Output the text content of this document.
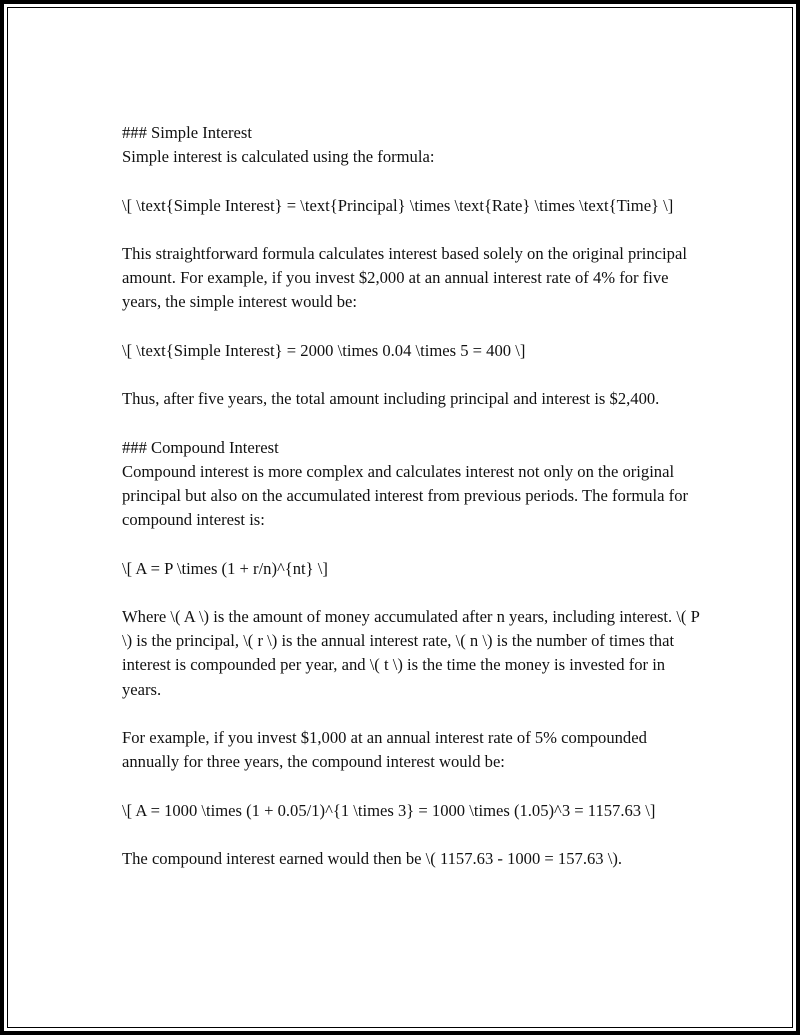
### Simple Interest

Simple interest is calculated using the formula:

\[ \text{Simple Interest} = \text{Principal} \times \text{Rate} \times \text{Time} \]

This straightforward formula calculates interest based solely on the original principal amount. For example, if you invest $2,000 at an annual interest rate of 4% for five years, the simple interest would be:

\[ \text{Simple Interest} = 2000 \times 0.04 \times 5 = 400 \]

Thus, after five years, the total amount including principal and interest is $2,400.

### Compound Interest

Compound interest is more complex and calculates interest not only on the original principal but also on the accumulated interest from previous periods. The formula for compound interest is:

\[ A = P \times (1 + r/n)^{nt} \]

Where \( A \) is the amount of money accumulated after n years, including interest. \( P \) is the principal, \( r \) is the annual interest rate, \( n \) is the number of times that interest is compounded per year, and \( t \) is the time the money is invested for in years.

For example, if you invest $1,000 at an annual interest rate of 5% compounded annually for three years, the compound interest would be:

\[ A = 1000 \times (1 + 0.05/1)^{1 \times 3} = 1000 \times (1.05)^3 = 1157.63 \]

The compound interest earned would then be \( 1157.63 - 1000 = 157.63 \).
